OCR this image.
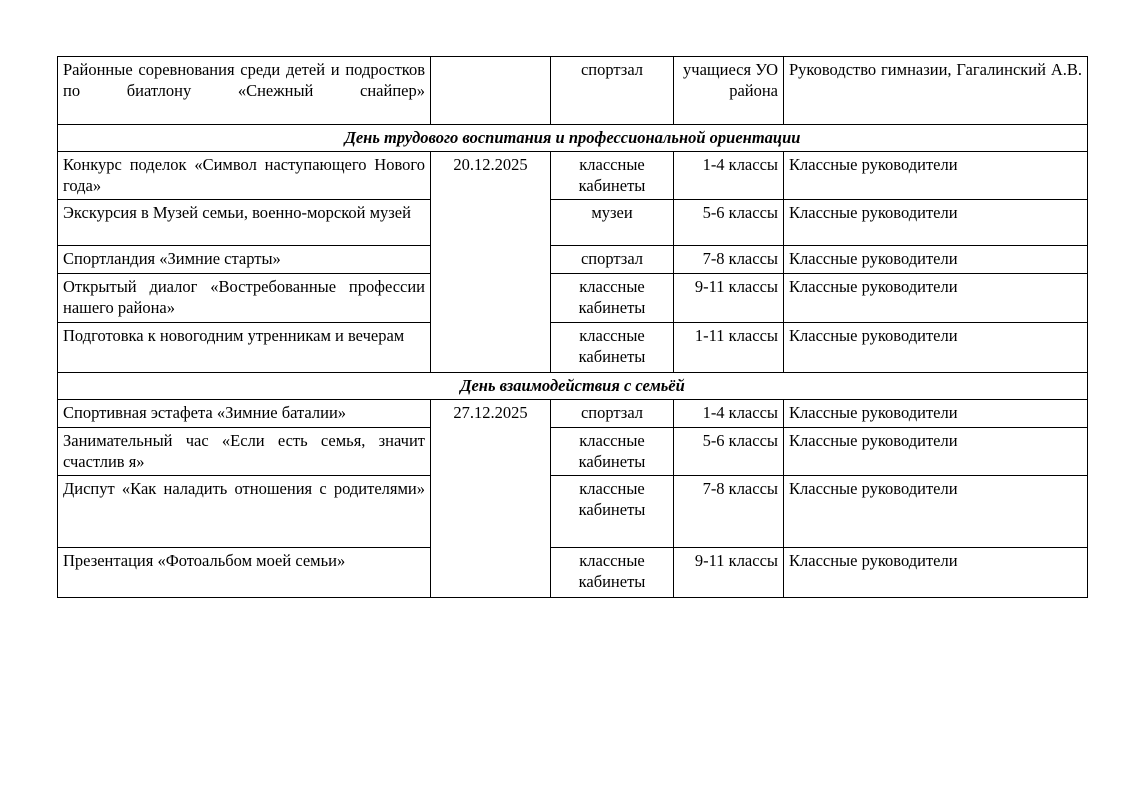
Районные соревнования среди детей и подростков по биатлону «Снежный снайпер»		спортзал	учащиеся УО района	Руководство гимназии, Гагалинский А.В.
День трудового воспитания и профессиональной ориентации				
Конкурс поделок «Символ наступающего Нового года»	20.12.2025	классные кабинеты	1-4 классы	Классные руководители
Экскурсия в Музей семьи, военно-морской музей		музеи	5-6 классы	Классные руководители
Спортландия «Зимние старты»		спортзал	7-8 классы	Классные руководители
Открытый диалог «Востребованные профессии нашего района»		классные кабинеты	9-11 классы	Классные руководители
Подготовка к новогодним утренникам и вечерам		классные кабинеты	1-11 классы	Классные руководители
День взаимодействия с семьёй				
Спортивная эстафета «Зимние баталии»	27.12.2025	спортзал	1-4 классы	Классные руководители
Занимательный час «Если есть семья, значит счастлив я»		классные кабинеты	5-6 классы	Классные руководители
Диспут «Как наладить отношения с родителями»		классные кабинеты	7-8 классы	Классные руководители
Презентация «Фотоальбом моей семьи»		классные кабинеты	9-11 классы	Классные руководители
